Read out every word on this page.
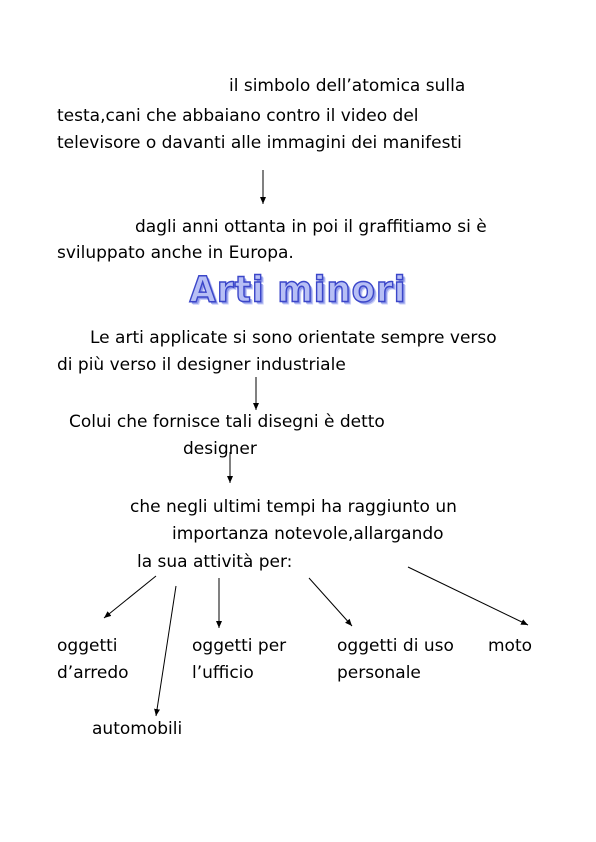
il simbolo dell’atomica sulla
testa,cani che abbaiano contro il video del
televisore o davanti alle immagini dei manifesti
dagli anni ottanta in poi il graffitiamo si è
sviluppato anche in Europa.
Arti minori
Le arti applicate si sono orientate sempre verso
di più verso il designer industriale
Colui che fornisce tali disegni è detto
designer
che negli ultimi tempi ha raggiunto un
importanza notevole,allargando
la sua attività per:
oggetti
d’arredo
oggetti per
l’ufficio
oggetti di uso
personale
moto
automobili
